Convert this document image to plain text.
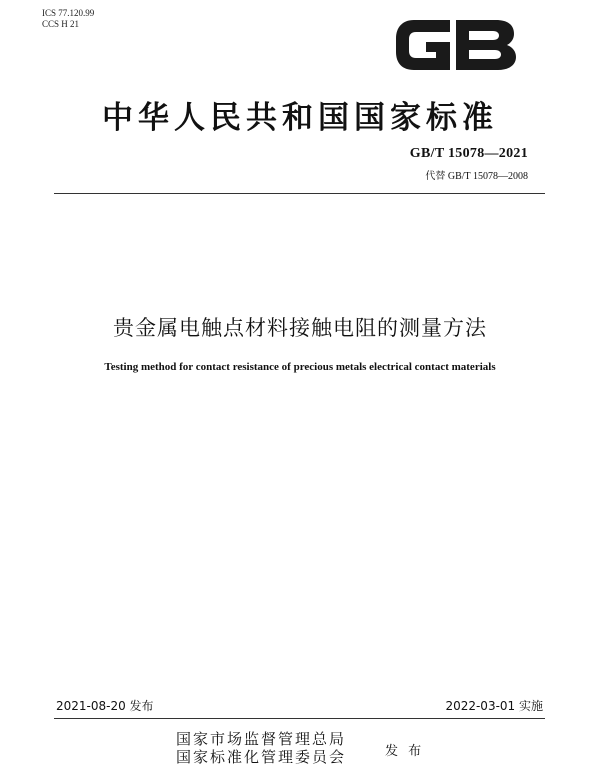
ICS 77.120.99
CCS H 21
中华人民共和国国家标准
GB/T 15078—2021
代替 GB/T 15078—2008
贵金属电触点材料接触电阻的测量方法
Testing method for contact resistance of precious metals electrical contact materials
2021-08-20 发布	2022-03-01 实施
国家市场监督管理总局
国家标准化管理委员会	发 布
